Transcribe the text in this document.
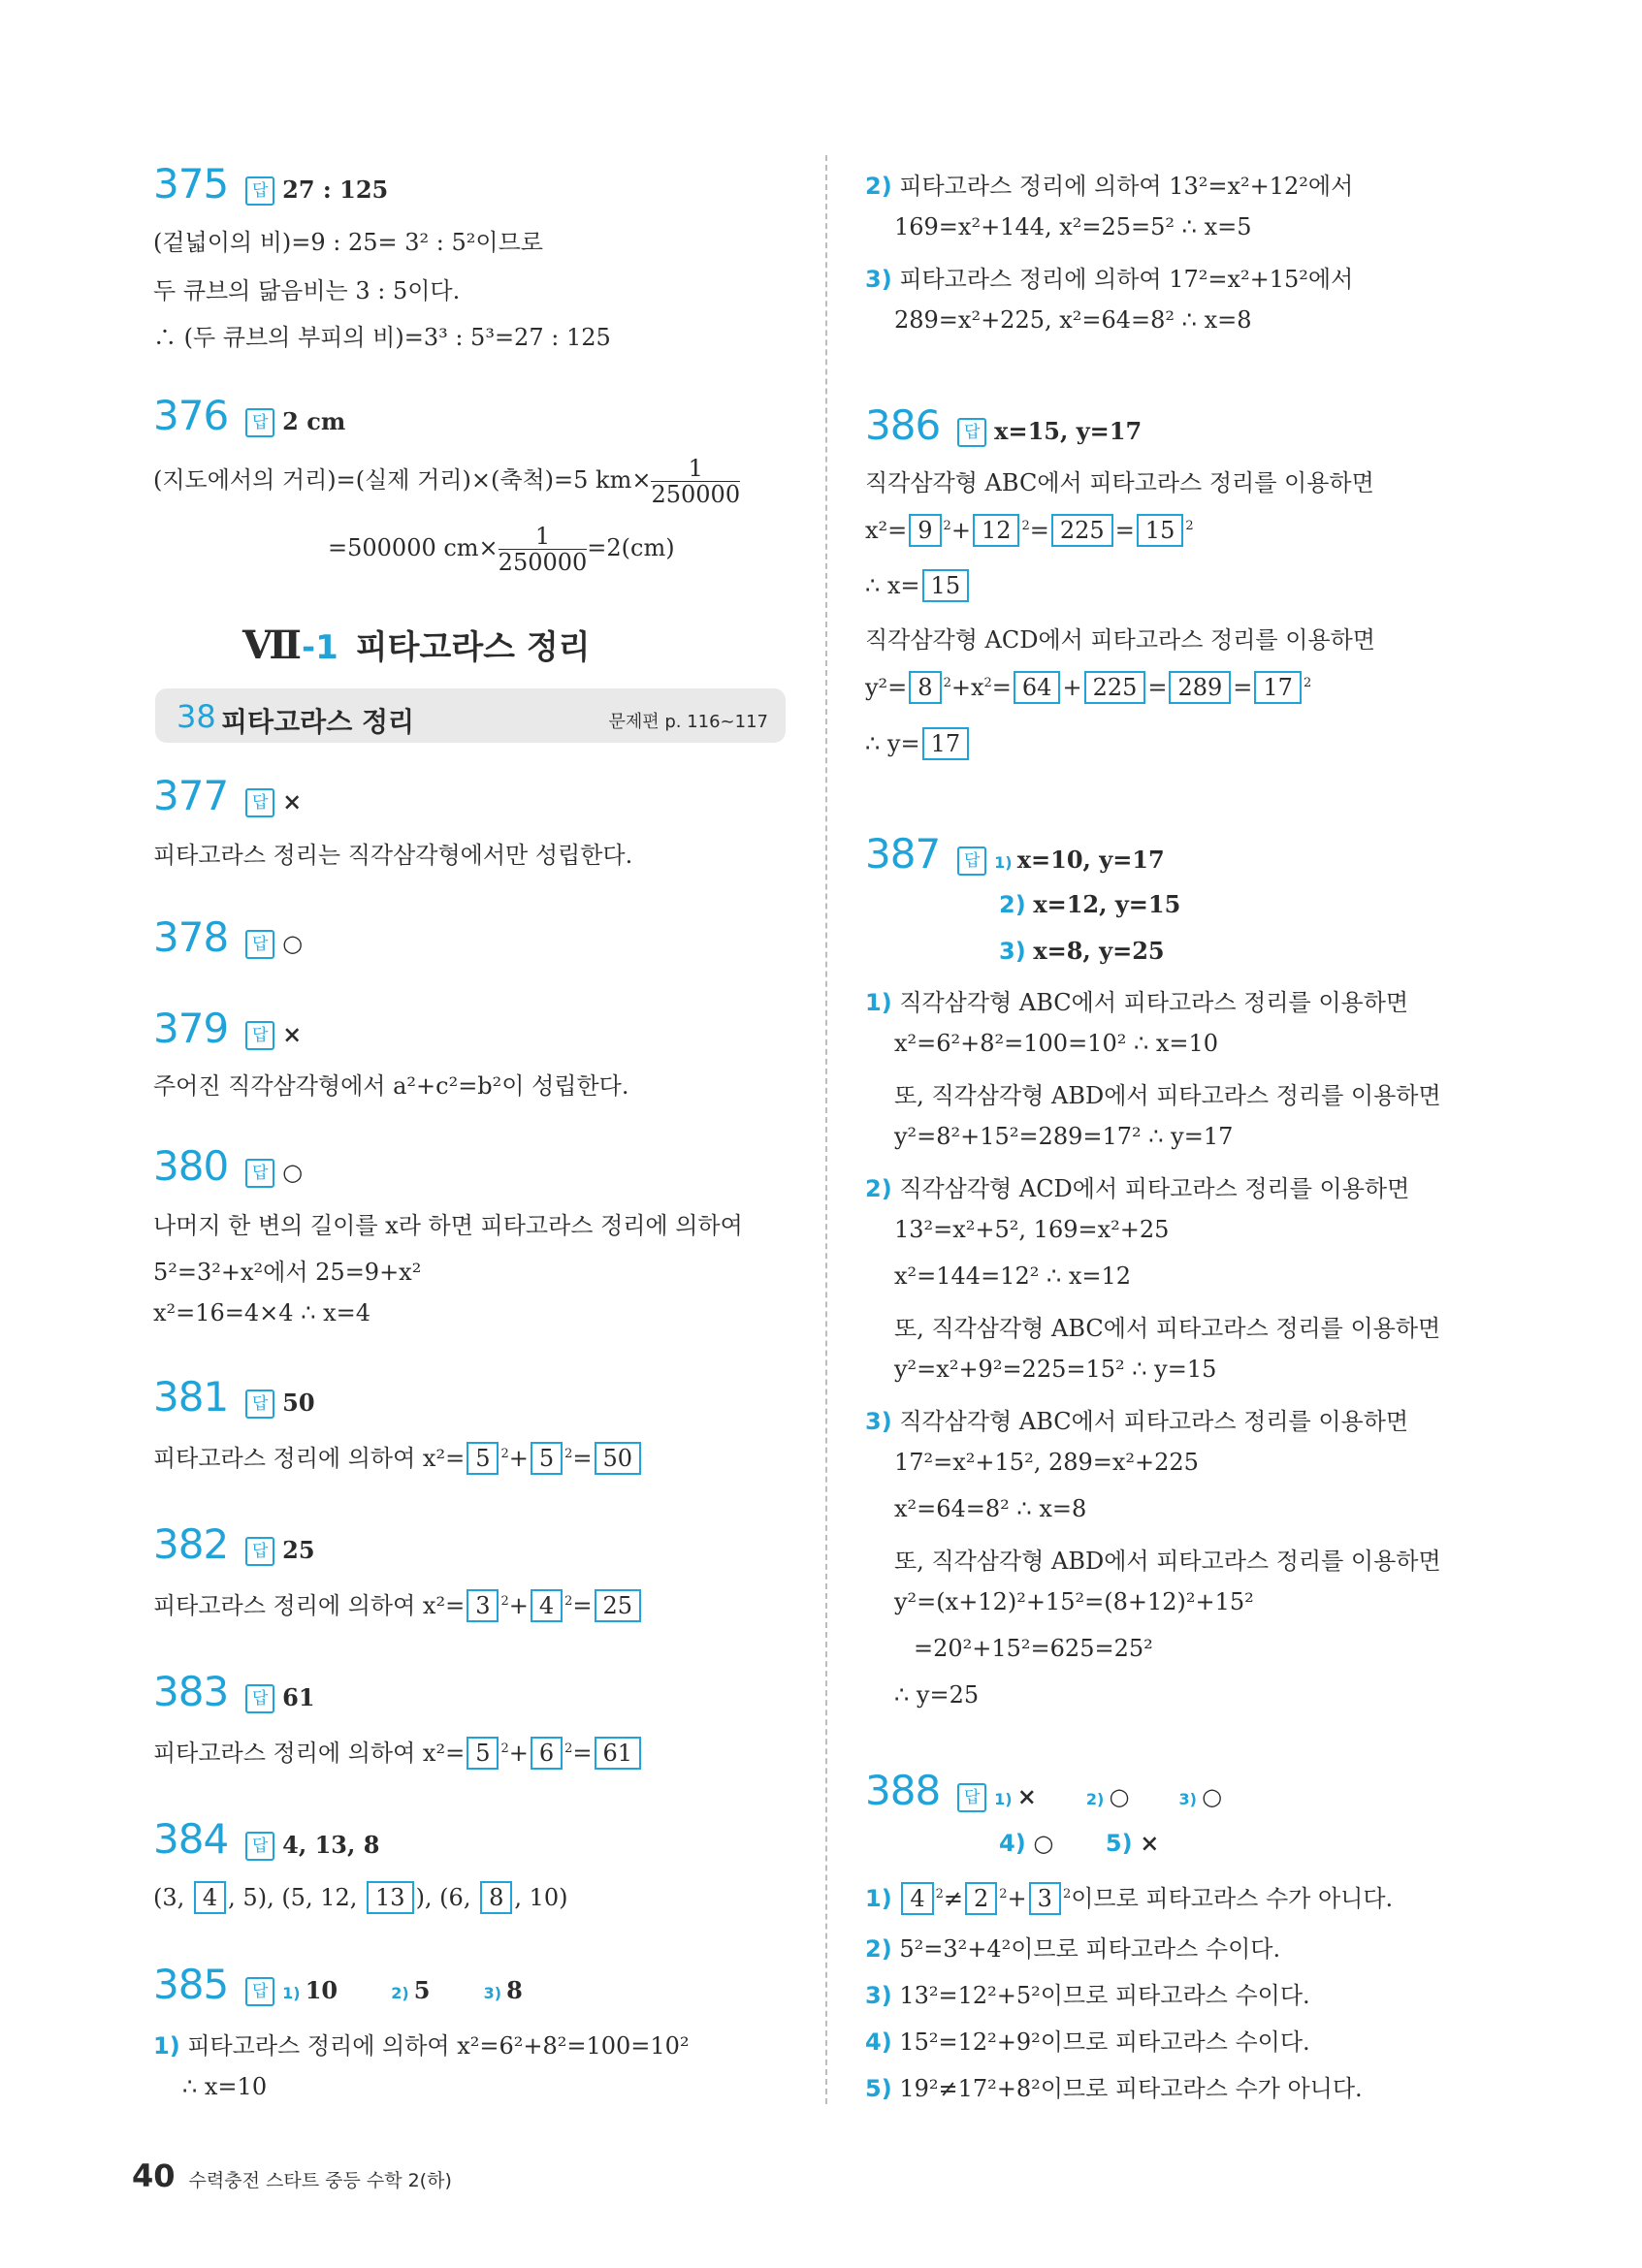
375 답 27 : 125
(겉넓이의 비)=9 : 25= 3² : 5²이므로
두 큐브의 닮음비는 3 : 5이다.
∴ (두 큐브의 부피의 비)=3³ : 5³=27 : 125
376 답 2 cm
(지도에서의 거리)=(실제 거리)×(축척)=5 $km\times \frac{1}{250000}$
=500000 $cm\times \frac{1}{250000} =2(cm)$
Ⅶ-1 피타고라스 정리
38 피타고라스 정리	문제편 p. 116~117
377 답 ×
피타고라스 정리는 직각삼각형에서만 성립한다.
378 답 ○
379 답 ×
주어진 직각삼각형에서 a²+c²=b²이 성립한다.
380 답 ○
나머지 한 변의 길이를 x라 하면 피타고라스 정리에 의하여
5²=3²+x²에서 25=9+x²
x²=16=4×4 ∴ x=4
381 답 50
피타고라스 정리에 의하여 x²= 5 $^2$+ 5 $^2$= 50
382 답 25
피타고라스 정리에 의하여 x²= 3 $^2$+ 4 $^2$= 25
383 답 61
피타고라스 정리에 의하여 x²= 5 $^2$+ 6 $^2$= 61
384 답 4, 13, 8
(3, 4 , 5), (5, 12, 13 ), (6, 8 , 10)
385 답 1) 10	2) 5	3) 8
1) 피타고라스 정리에 의하여 x²=6²+8²=100=10²
∴ x=10
40 수력충전 스타트 중등 수학 2(하)
2) 피타고라스 정리에 의하여 13²=x²+12²에서
169=x²+144, x²=25=5² ∴ x=5
3) 피타고라스 정리에 의하여 17²=x²+15²에서
289=x²+225, x²=64=8² ∴ x=8
386 답 x=15, y=17
직각삼각형 ABC에서 피타고라스 정리를 이용하면
x²= 9 $^2$+ 12 $^2$= 225 = 15 $^2$
∴ x= 15
직각삼각형 ACD에서 피타고라스 정리를 이용하면
y²= 8 $^2+x^2= 64 + 225 = 289 = 17$ $^2$
∴ y= 17
387 답 1) x=10, y=17
2) x=12, y=15
3) x=8, y=25
1) 직각삼각형 ABC에서 피타고라스 정리를 이용하면
x²=6²+8²=100=10² ∴ x=10
또, 직각삼각형 ABD에서 피타고라스 정리를 이용하면
y²=8²+15²=289=17² ∴ y=17
2) 직각삼각형 ACD에서 피타고라스 정리를 이용하면
13²=x²+5², 169=x²+25
x²=144=12² ∴ x=12
또, 직각삼각형 ABC에서 피타고라스 정리를 이용하면
y²=x²+9²=225=15² ∴ y=15
3) 직각삼각형 ABC에서 피타고라스 정리를 이용하면
17²=x²+15², 289=x²+225
x²=64=8² ∴ x=8
또, 직각삼각형 ABD에서 피타고라스 정리를 이용하면
y²=(x+12)²+15²=(8+12)²+15²
=20²+15²=625=25²
∴ y=25
388 답 1) ×	2) ○	3) ○
4) ○ 5) ×
1) 4 $^2$≠ 2 $^2$+ 3 $^2$이므로 피타고라스 수가 아니다.
2) 5²=3²+4²이므로 피타고라스 수이다.
3) 13²=12²+5²이므로 피타고라스 수이다.
4) 15²=12²+9²이므로 피타고라스 수이다.
5) 19²≠17²+8²이므로 피타고라스 수가 아니다.
